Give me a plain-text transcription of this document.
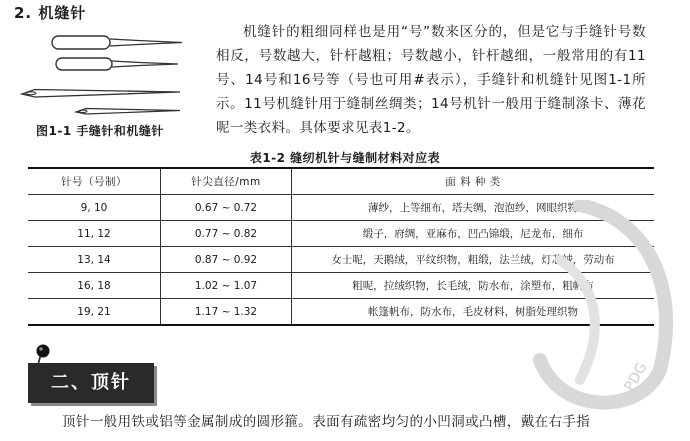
2. 机缝针
图1-1 手缝针和机缝针

机缝针的粗细同样也是用“号”数来区分的，但是它与手缝针号数相反，号数越大，针杆越粗；号数越小，针杆越细，一般常用的有11号、14号和16号等（号也可用#表示），手缝针和机缝针见图1-1所示。11号机缝针用于缝制丝绸类；14号机针一般用于缝制涤卡、薄花呢一类衣料。具体要求见表1-2。

表1-2 缝纫机针与缝制材料对应表
针号（号制）	针尖直径/mm	面 料 种 类
9, 10	0.67 ~ 0.72	薄纱，上等细布，塔夫绸，泡泡纱，网眼织物
11, 12	0.77 ~ 0.82	缎子，府绸，亚麻布，凹凸锦缎，尼龙布，细布
13, 14	0.87 ~ 0.92	女士呢，天鹅绒，平纹织物，粗缎，法兰绒，灯芯绒，劳动布
16, 18	1.02 ~ 1.07	粗呢，拉绒织物，长毛绒，防水布，涂塑布，粗帆布
19, 21	1.17 ~ 1.32	帐篷帆布，防水布，毛皮材料，树脂处理织物
二、顶针
顶针一般用铁或铝等金属制成的圆形箍。表面有疏密均匀的小凹洞或凸槽，戴在右手指
PDG
